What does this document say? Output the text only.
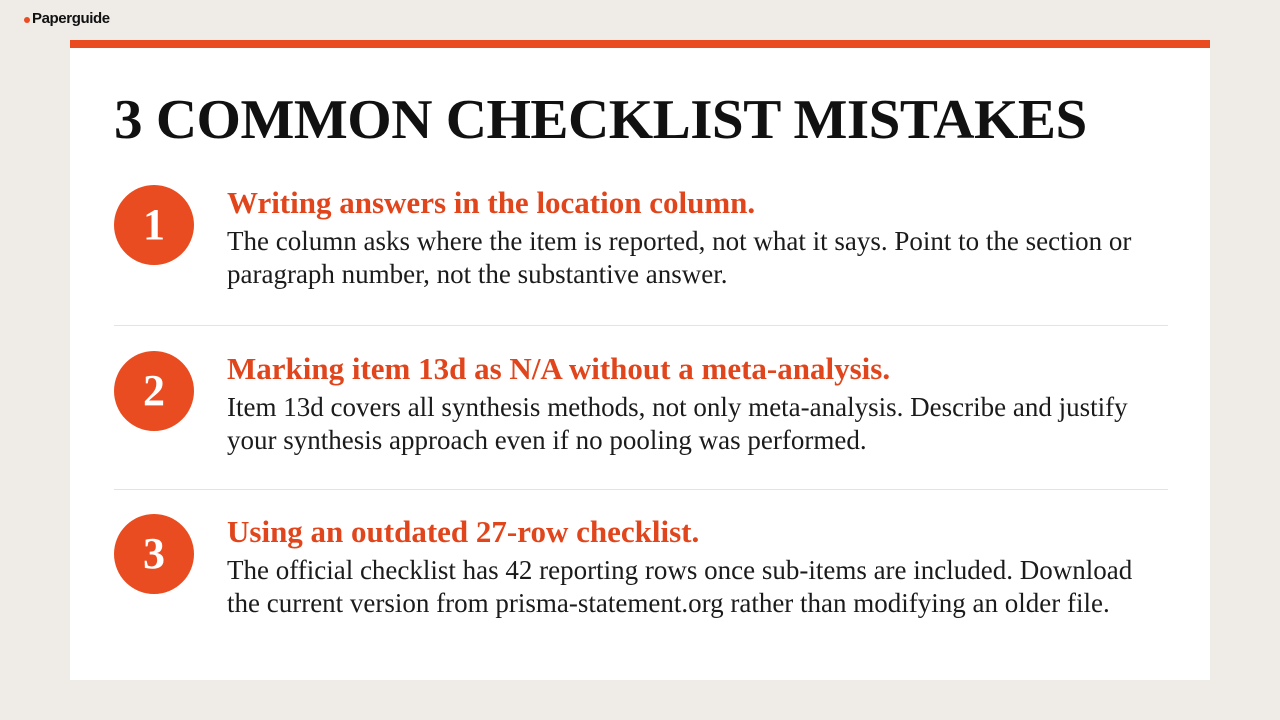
Paperguide
3 COMMON CHECKLIST MISTAKES
1	Writing answers in the location column.

The column asks where the item is reported, not what it says. Point to the section or paragraph number, not the substantive answer.

2	Marking item 13d as N/A without a meta-analysis.

Item 13d covers all synthesis methods, not only meta-analysis. Describe and justify your synthesis approach even if no pooling was performed.

3	Using an outdated 27-row checklist.

The official checklist has 42 reporting rows once sub-items are included. Download the current version from prisma-statement.org rather than modifying an older file.
